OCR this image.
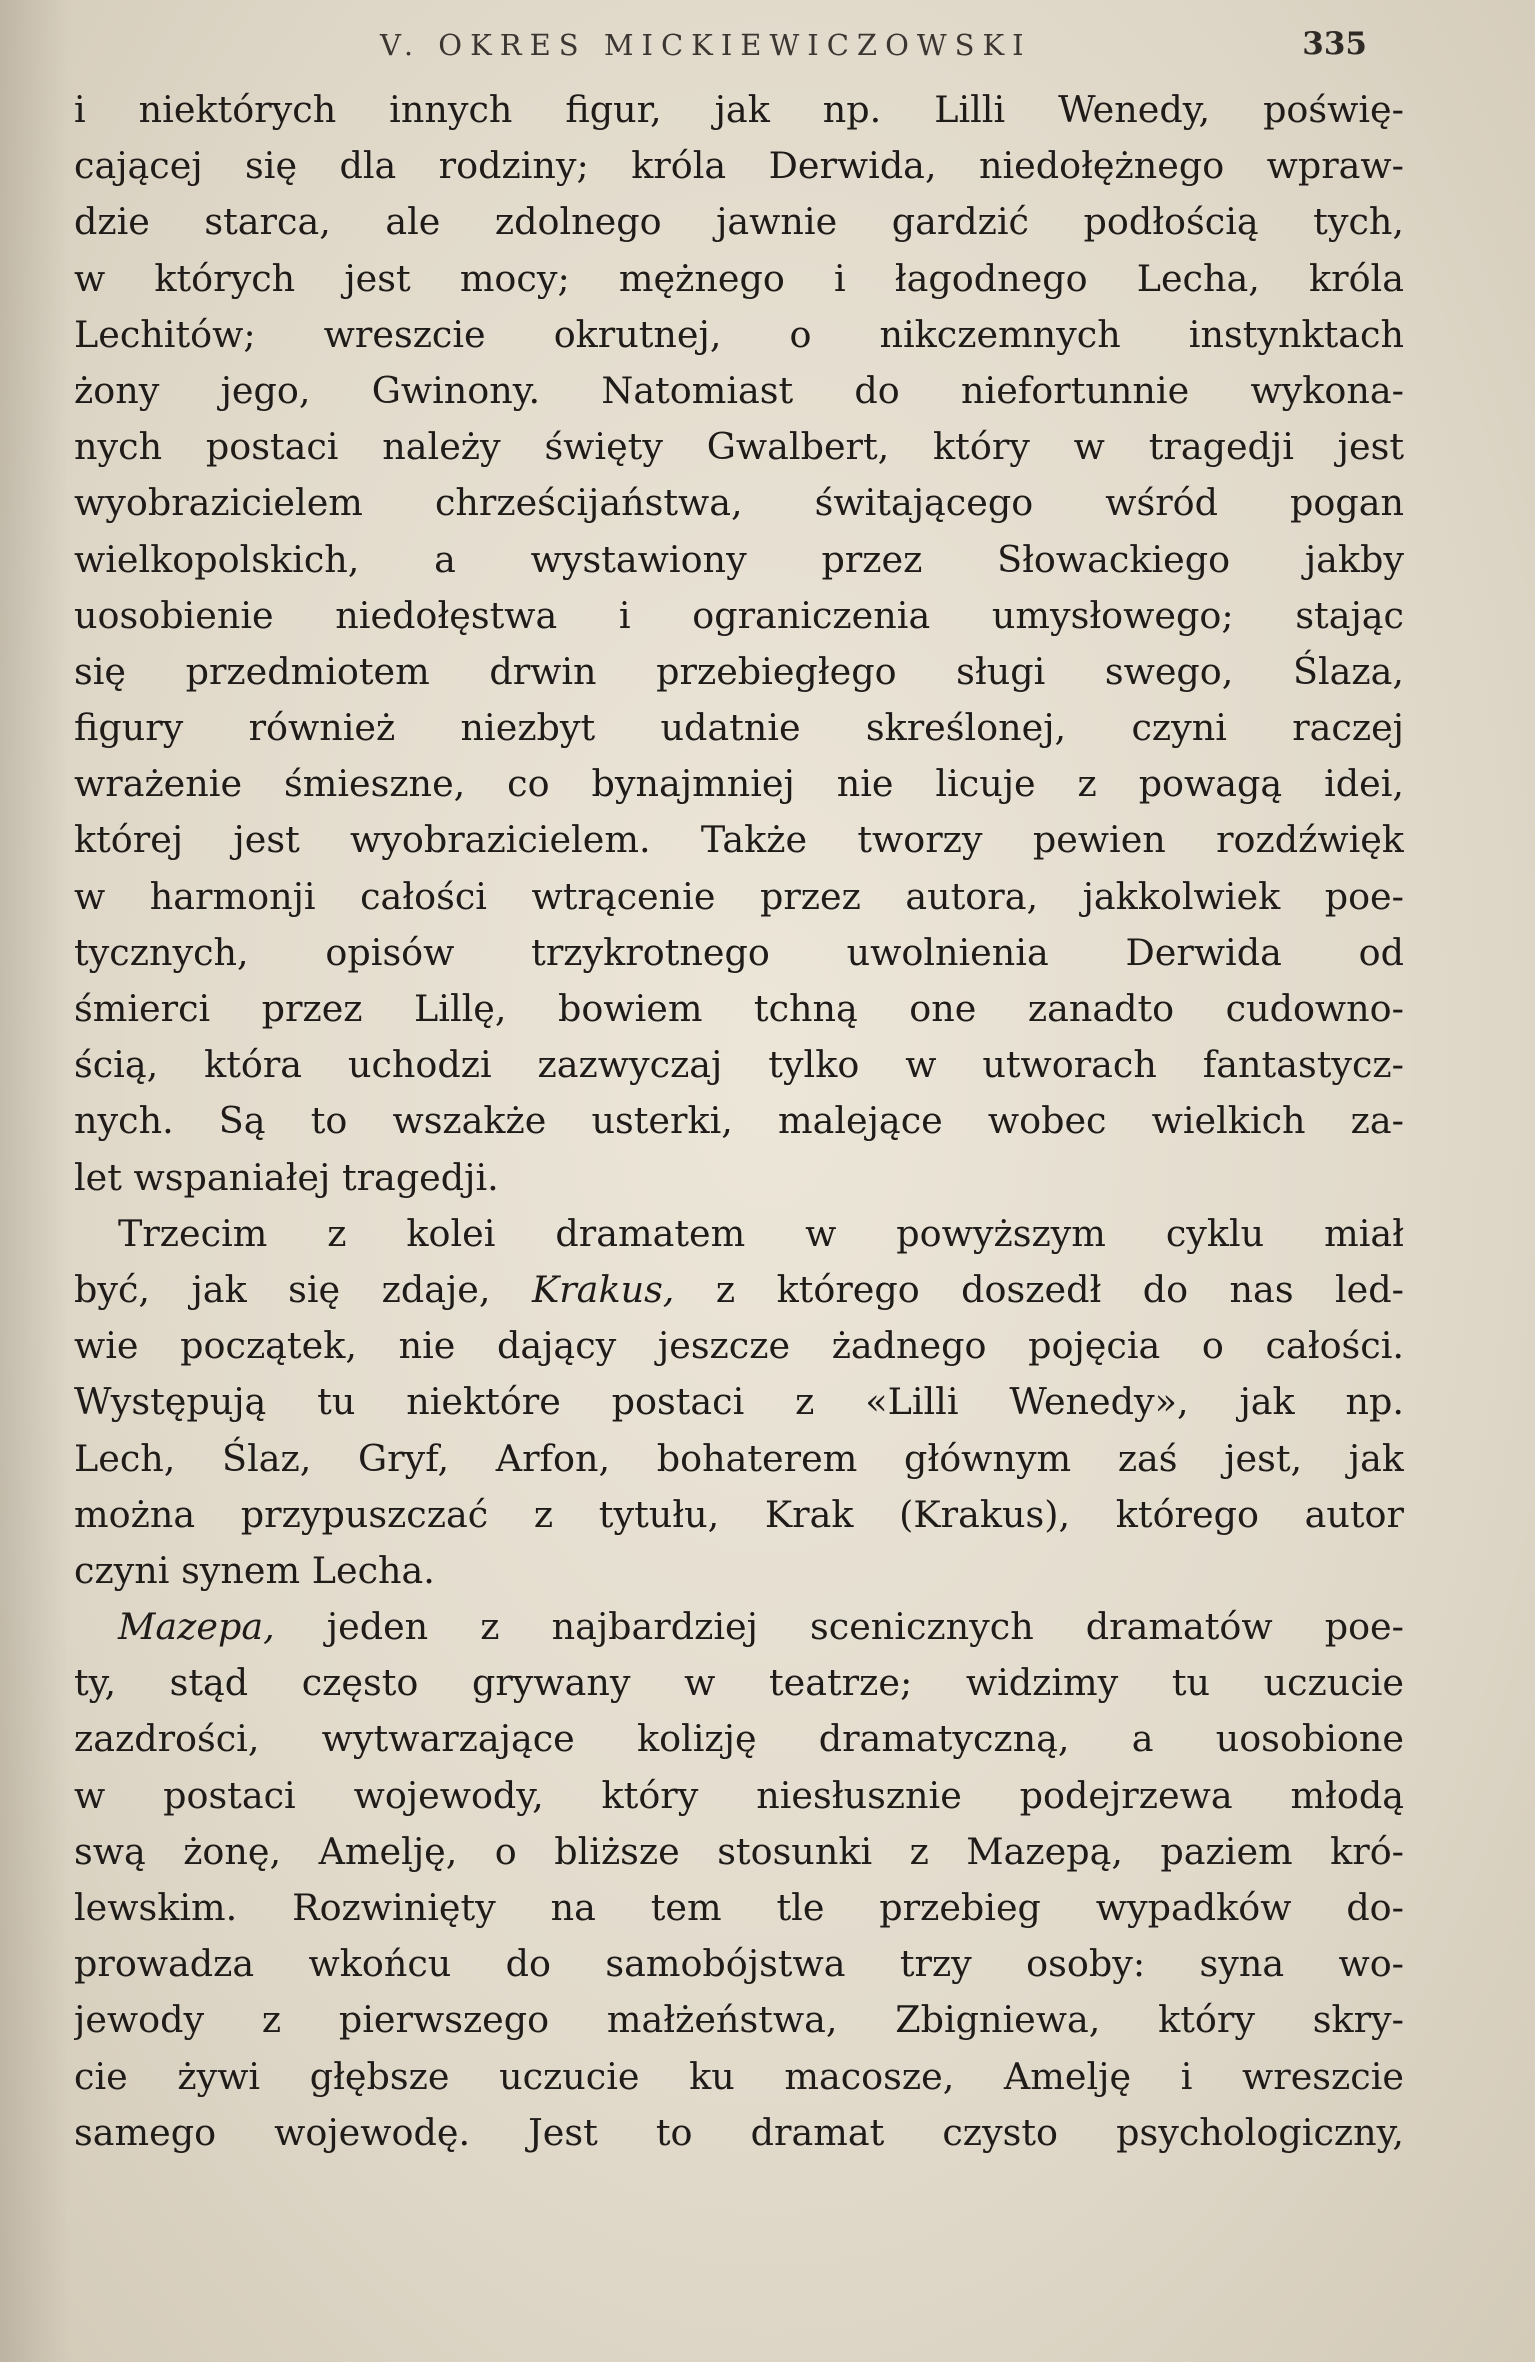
V. OKRES MICKIEWICZOWSKI	335
i niektórych innych figur, jak np. Lilli Wenedy, poświę-
cającej się dla rodziny; króla Derwida, niedołężnego wpraw-
dzie starca, ale zdolnego jawnie gardzić podłością tych,
w których jest mocy; mężnego i łagodnego Lecha, króla
Lechitów; wreszcie okrutnej, o nikczemnych instynktach
żony jego, Gwinony. Natomiast do niefortunnie wykona-
nych postaci należy święty Gwalbert, który w tragedji jest
wyobrazicielem chrześcijaństwa, świtającego wśród pogan
wielkopolskich, a wystawiony przez Słowackiego jakby
uosobienie niedołęstwa i ograniczenia umysłowego; stając
się przedmiotem drwin przebiegłego sługi swego, Ślaza,
figury również niezbyt udatnie skreślonej, czyni raczej
wrażenie śmieszne, co bynajmniej nie licuje z powagą idei,
której jest wyobrazicielem. Także tworzy pewien rozdźwięk
w harmonji całości wtrącenie przez autora, jakkolwiek poe-
tycznych, opisów trzykrotnego uwolnienia Derwida od
śmierci przez Lillę, bowiem tchną one zanadto cudowno-
ścią, która uchodzi zazwyczaj tylko w utworach fantastycz-
nych. Są to wszakże usterki, malejące wobec wielkich za-
let wspaniałej tragedji.
Trzecim z kolei dramatem w powyższym cyklu miał
być, jak się zdaje, Krakus, z którego doszedł do nas led-
wie początek, nie dający jeszcze żadnego pojęcia o całości.
Występują tu niektóre postaci z «Lilli Wenedy», jak np.
Lech, Ślaz, Gryf, Arfon, bohaterem głównym zaś jest, jak
można przypuszczać z tytułu, Krak (Krakus), którego autor
czyni synem Lecha.
Mazepa, jeden z najbardziej scenicznych dramatów poe-
ty, stąd często grywany w teatrze; widzimy tu uczucie
zazdrości, wytwarzające kolizję dramatyczną, a uosobione
w postaci wojewody, który niesłusznie podejrzewa młodą
swą żonę, Amelję, o bliższe stosunki z Mazepą, paziem kró-
lewskim. Rozwinięty na tem tle przebieg wypadków do-
prowadza wkońcu do samobójstwa trzy osoby: syna wo-
jewody z pierwszego małżeństwa, Zbigniewa, który skry-
cie żywi głębsze uczucie ku macosze, Amelję i wreszcie
samego wojewodę. Jest to dramat czysto psychologiczny,
